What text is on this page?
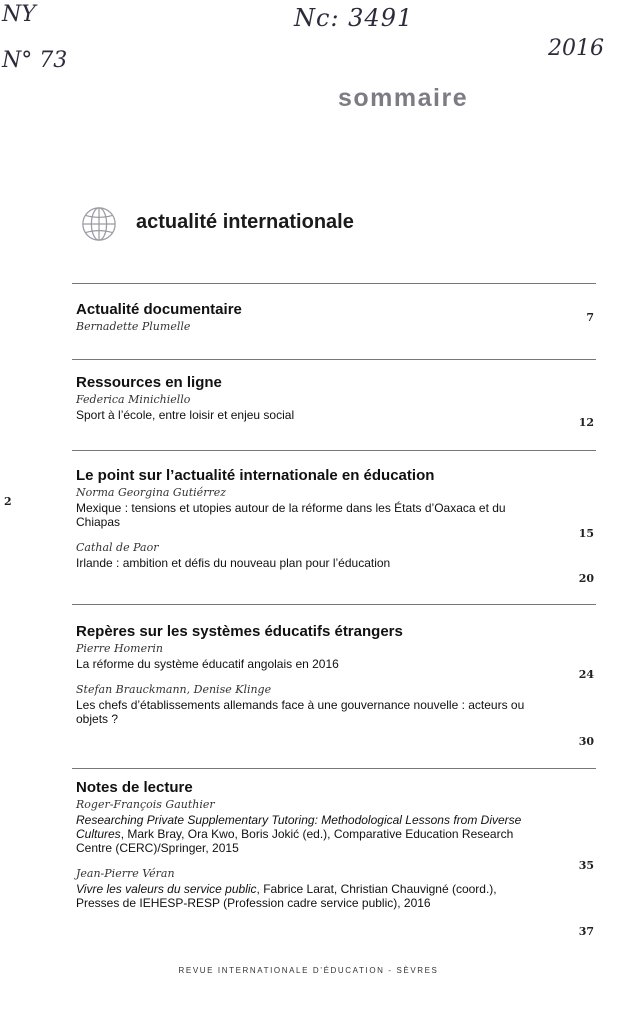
NY
N° 73
Nc: 3491
2016
sommaire
actualité internationale
2
Actualité documentaire
Bernadette Plumelle
7
Ressources en ligne
Federica Minichiello

Sport à l’école, entre loisir et enjeu social

12
Le point sur l’actualité internationale en éducation
Norma Georgina Gutiérrez

Mexique : tensions et utopies autour de la réforme dans les États d’Oaxaca et du Chiapas

15
Cathal de Paor

Irlande : ambition et défis du nouveau plan pour l’éducation

20
Repères sur les systèmes éducatifs étrangers
Pierre Homerin

La réforme du système éducatif angolais en 2016

24
Stefan Brauckmann, Denise Klinge

Les chefs d’établissements allemands face à une gouvernance nouvelle : acteurs ou objets ?

30
Notes de lecture
Roger-François Gauthier

Researching Private Supplementary Tutoring: Methodological Lessons from Diverse Cultures, Mark Bray, Ora Kwo, Boris Jokić (ed.), Comparative Education Research Centre (CERC)/Springer, 2015

35
Jean-Pierre Véran

Vivre les valeurs du service public, Fabrice Larat, Christian Chauvigné (coord.), Presses de IEHESP-RESP (Profession cadre service public), 2016

37
REVUE INTERNATIONALE D’ÉDUCATION - SÈVRES
